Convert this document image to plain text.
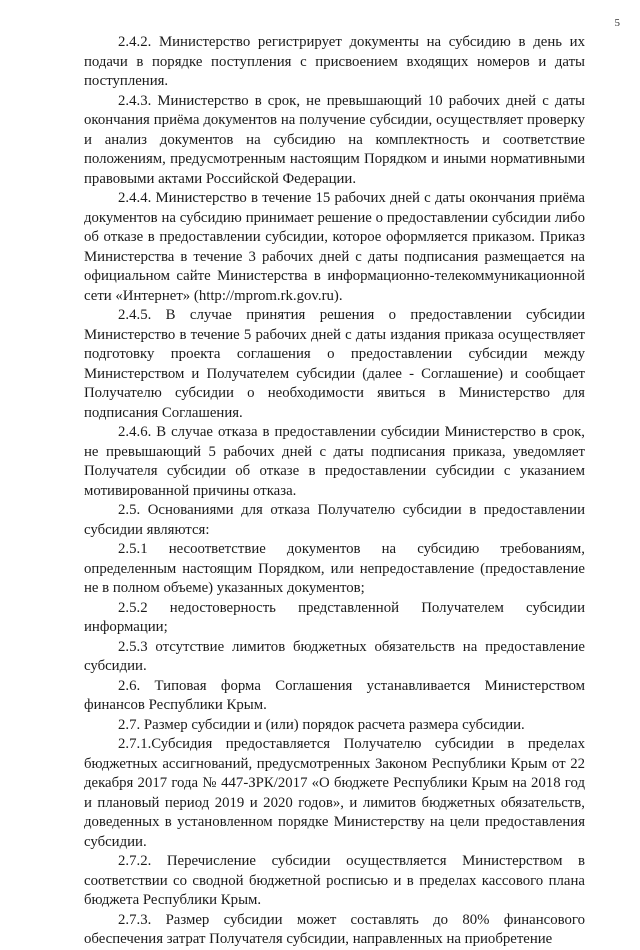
5

2.4.2. Министерство регистрирует документы на субсидию в день их подачи в порядке поступления с присвоением входящих номеров и даты поступления.

2.4.3. Министерство в срок, не превышающий 10 рабочих дней с даты окончания приёма документов на получение субсидии, осуществляет проверку и анализ документов на субсидию на комплектность и соответствие положениям, предусмотренным настоящим Порядком и иными нормативными правовыми актами Российской Федерации.

2.4.4. Министерство в течение 15 рабочих дней с даты окончания приёма документов на субсидию принимает решение о предоставлении субсидии либо об отказе в предоставлении субсидии, которое оформляется приказом. Приказ Министерства в течение 3 рабочих дней с даты подписания размещается на официальном сайте Министерства в информационно-телекоммуникационной сети «Интернет» (http://mprom.rk.gov.ru).

2.4.5. В случае принятия решения о предоставлении субсидии Министерство в течение 5 рабочих дней с даты издания приказа осуществляет подготовку проекта соглашения о предоставлении субсидии между Министерством и Получателем субсидии (далее - Соглашение) и сообщает Получателю субсидии о необходимости явиться в Министерство для подписания Соглашения.

2.4.6. В случае отказа в предоставлении субсидии Министерство в срок, не превышающий 5 рабочих дней с даты подписания приказа, уведомляет Получателя субсидии об отказе в предоставлении субсидии с указанием мотивированной причины отказа.

2.5. Основаниями для отказа Получателю субсидии в предоставлении субсидии являются:

2.5.1 несоответствие документов на субсидию требованиям, определенным настоящим Порядком, или непредоставление (предоставление не в полном объеме) указанных документов;

2.5.2 недостоверность представленной Получателем субсидии информации;

2.5.3 отсутствие лимитов бюджетных обязательств на предоставление субсидии.

2.6. Типовая форма Соглашения устанавливается Министерством финансов Республики Крым.

2.7. Размер субсидии и (или) порядок расчета размера субсидии.

2.7.1.Субсидия предоставляется Получателю субсидии в пределах бюджетных ассигнований, предусмотренных Законом Республики Крым от 22 декабря 2017 года № 447-ЗРК/2017 «О бюджете Республики Крым на 2018 год и плановый период 2019 и 2020 годов», и лимитов бюджетных обязательств, доведенных в установленном порядке Министерству на цели предоставления субсидии.

2.7.2. Перечисление субсидии осуществляется Министерством в соответствии со сводной бюджетной росписью и в пределах кассового плана бюджета Республики Крым.

2.7.3. Размер субсидии может составлять до 80% финансового обеспечения затрат Получателя субсидии, направленных на приобретение
